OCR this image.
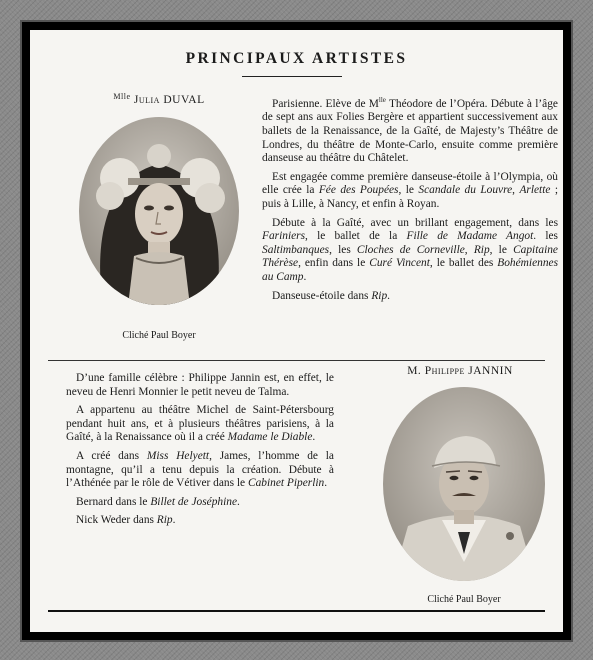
PRINCIPAUX ARTISTES
$^{Mlle}$ Julia DUVAL
Cliché Paul Boyer

Parisienne. Elève de $M^{lle}$ Théodore de l’Opéra. Débute à l’âge de sept ans aux Folies Bergère et appartient successivement aux ballets de la Renaissance, de la Gaîté, de Majesty’s Théâtre de Londres, du théâtre de Monte-Carlo, ensuite comme première danseuse au théâtre du Châtelet.

Est engagée comme première danseuse-étoile à l’Olympia, où elle crée la Fée des Poupées, le Scandale du Louvre, Arlette ; puis à Lille, à Nancy, et enfin à Royan.

Débute à la Gaîté, avec un brillant engagement, dans les Fariniers, le ballet de la Fille de Madame Angot. les Saltimbanques, les Cloches de Corneville, Rip, le Capitaine Thérèse, enfin dans le Curé Vincent, le ballet des Bohémiennes au Camp.

Danseuse-étoile dans Rip.

D’une famille célèbre : Philippe Jannin est, en effet, le neveu de Henri Monnier le petit neveu de Talma.

A appartenu au théâtre Michel de Saint-Pétersbourg pendant huit ans, et à plusieurs théâtres parisiens, à la Gaîté, à la Renaissance où il a créé Madame le Diable.

A créé dans Miss Helyett, James, l’homme de la montagne, qu’il a tenu depuis la création. Débute à l’Athénée par le rôle de Vétiver dans le Cabinet Piperlin.

Bernard dans le Billet de Joséphine.

Nick Weder dans Rip.

M. Philippe JANNIN
Cliché Paul Boyer
